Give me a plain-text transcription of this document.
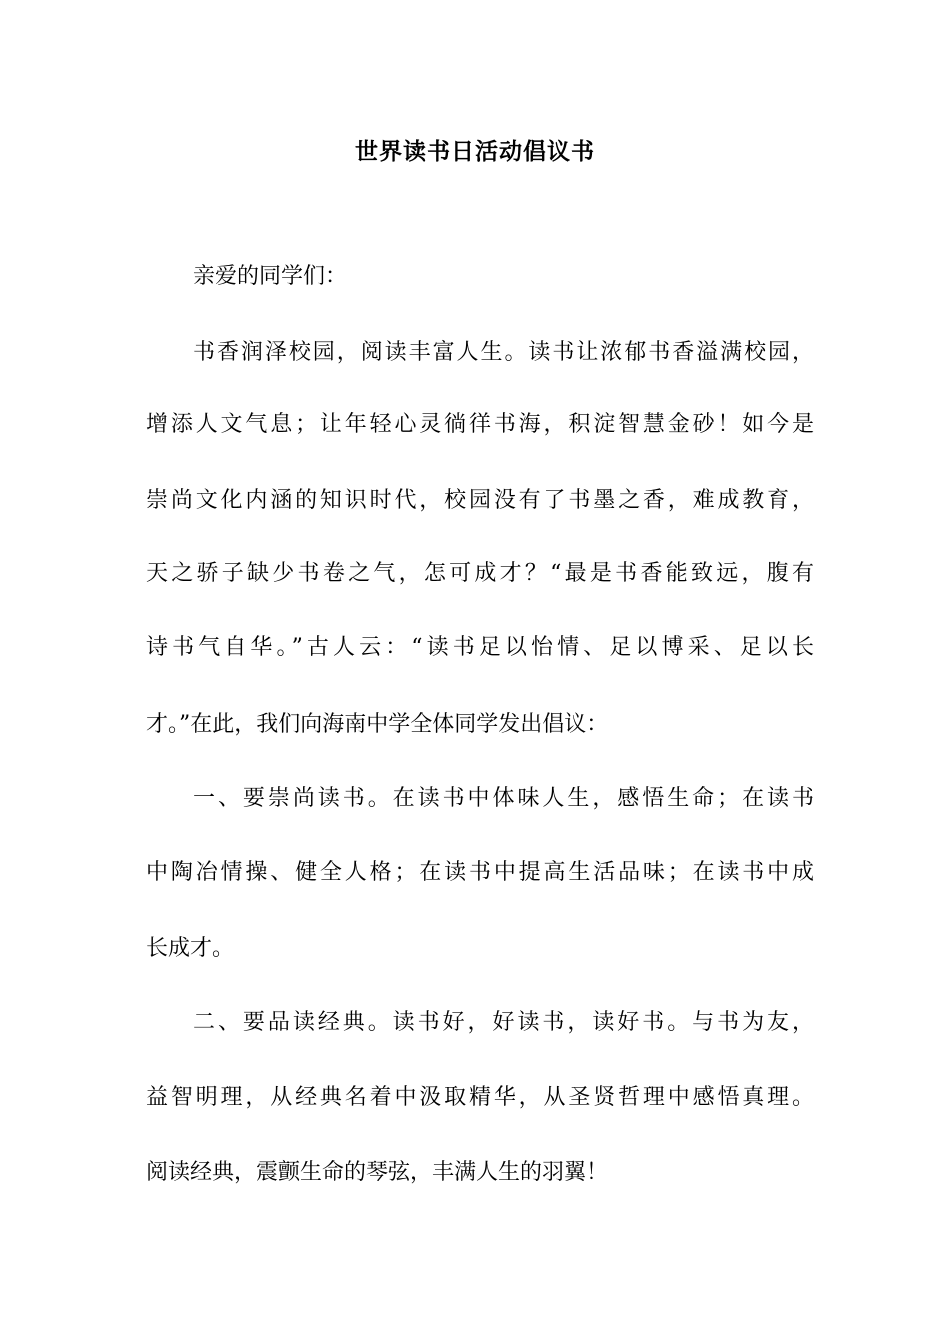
世界读书日活动倡议书
亲爱的同学们：
书香润泽校园，阅读丰富人生。读书让浓郁书香溢满校园，
增添人文气息；让年轻心灵徜徉书海，积淀智慧金砂！如今是
崇尚文化内涵的知识时代，校园没有了书墨之香，难成教育，
天之骄子缺少书卷之气，怎可成才？“最是书香能致远，腹有
诗书气自华。”古人云：“读书足以怡情、足以博采、足以长
才。”在此，我们向海南中学全体同学发出倡议：
一、要崇尚读书。在读书中体味人生，感悟生命；在读书
中陶冶情操、健全人格；在读书中提高生活品味；在读书中成
长成才。
二、要品读经典。读书好，好读书，读好书。与书为友，
益智明理，从经典名着中汲取精华，从圣贤哲理中感悟真理。
阅读经典，震颤生命的琴弦，丰满人生的羽翼！
